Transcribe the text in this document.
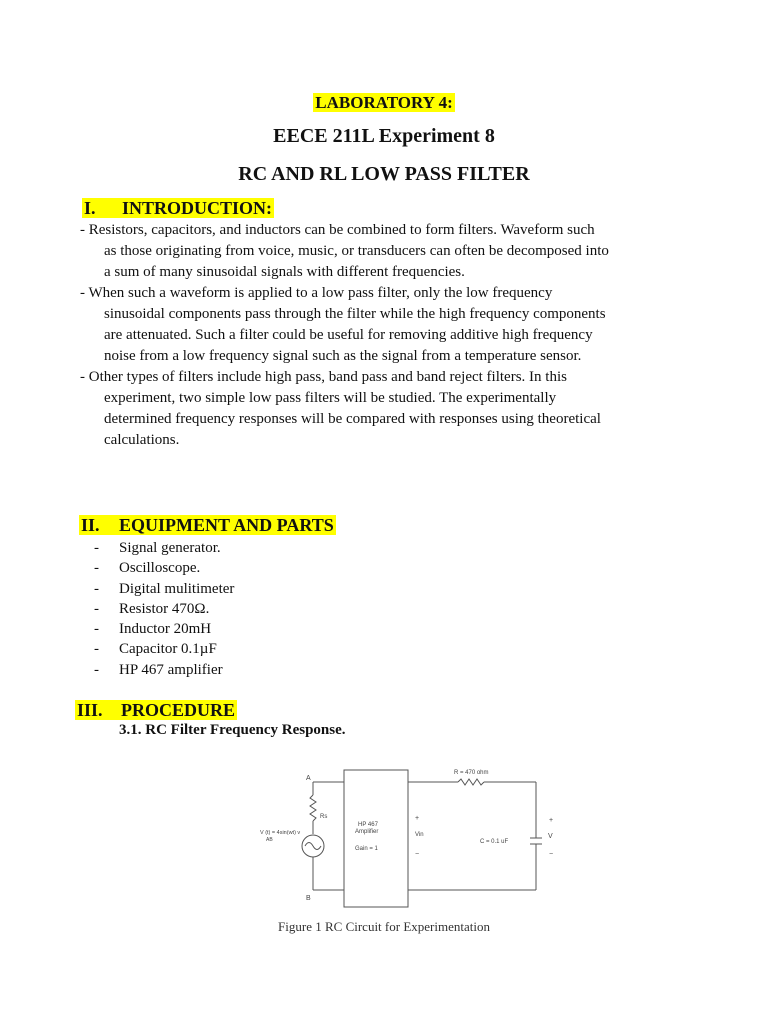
LABORATORY 4:
EECE 211L Experiment 8
RC AND RL LOW PASS FILTER
I. INTRODUCTION:

- Resistors, capacitors, and inductors can be combined to form filters. Waveform such as those originating from voice, music, or transducers can often be decomposed into a sum of many sinusoidal signals with different frequencies.

- When such a waveform is applied to a low pass filter, only the low frequency sinusoidal components pass through the filter while the high frequency components are attenuated. Such a filter could be useful for removing additive high frequency noise from a low frequency signal such as the signal from a temperature sensor.

- Other types of filters include high pass, band pass and band reject filters. In this experiment, two simple low pass filters will be studied. The experimentally determined frequency responses will be compared with responses using theoretical calculations.

II. EQUIPMENT AND PARTS
-	Signal generator.
-	Oscilloscope.
-	Digital mulitimeter
-	Resistor 470Ω.
-	Inductor 20mH
-	Capacitor 0.1µF
-	HP 467 amplifier
III. PROCEDURE
3.1. RC Filter Frequency Response.
A
B
Rs
V (t) = 4sin(wt) v
AB
HP 467
Amplifier
Gain = 1
+
Vin
−
R = 470 ohm
C = 0.1 uF
+
V
−
Figure 1 RC Circuit for Experimentation
